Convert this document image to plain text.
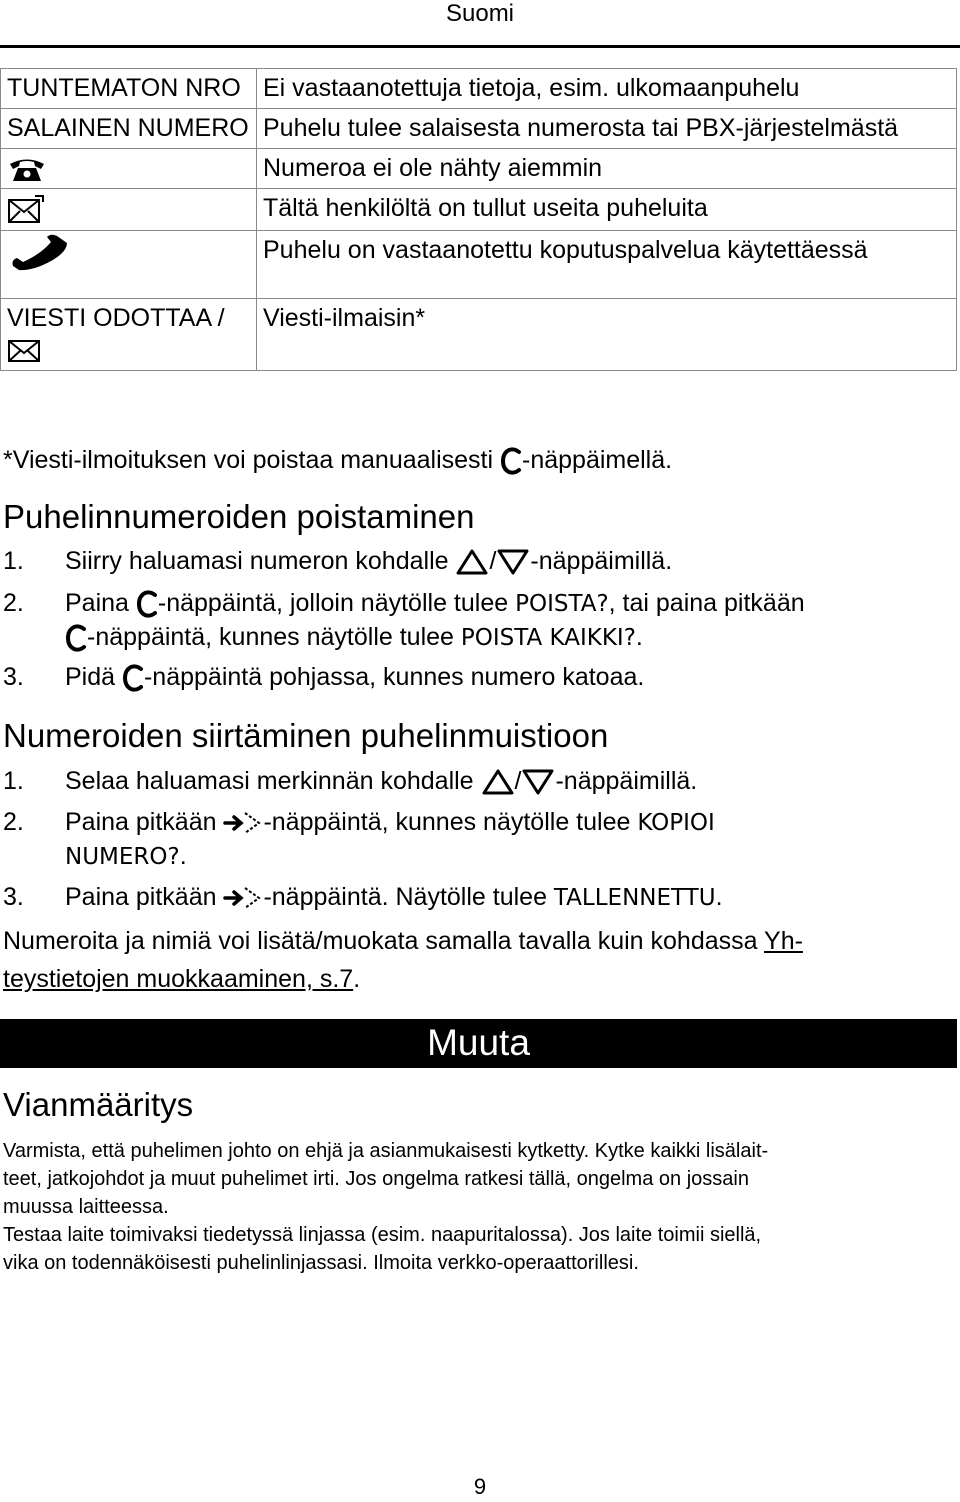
Suomi
TUNTEMATON NRO	Ei vastaanotettuja tietoja, esim. ulkomaanpuhelu
SALAINEN NUMERO	Puhelu tulee salaisesta numerosta tai PBX-järjestelmästä
	Numeroa ei ole nähty aiemmin
	Tältä henkilöltä on tullut useita puheluita
	Puhelu on vastaanotettu koputuspalvelua käytettäessä

VIESTI ODOTTAA /	Viesti-ilmaisin*
*Viesti-ilmoituksen voi poistaa manuaalisesti -näppäimellä.
Puhelinnumeroiden poistaminen
1. Siirry haluamasi numeron kohdalle / -näppäimillä.
2. Paina -näppäintä, jolloin näytölle tulee POISTA?, tai paina pitkään
-näppäintä, kunnes näytölle tulee POISTA KAIKKI?.
3. Pidä -näppäintä pohjassa, kunnes numero katoaa.
Numeroiden siirtäminen puhelinmuistioon
1. Selaa haluamasi merkinnän kohdalle / -näppäimillä.
2. Paina pitkään -näppäintä, kunnes näytölle tulee KOPIOI
NUMERO?.
3. Paina pitkään -näppäintä. Näytölle tulee TALLENNETTU.
Numeroita ja nimiä voi lisätä/muokata samalla tavalla kuin kohdassa Yh-
teystietojen muokkaaminen, s.7.
Muuta
Vianmääritys
Varmista, että puhelimen johto on ehjä ja asianmukaisesti kytketty. Kytke kaikki lisälait-
teet, jatkojohdot ja muut puhelimet irti. Jos ongelma ratkesi tällä, ongelma on jossain
muussa laitteessa.
Testaa laite toimivaksi tiedetyssä linjassa (esim. naapuritalossa). Jos laite toimii siellä,
vika on todennäköisesti puhelinlinjassasi. Ilmoita verkko-operaattorillesi.
9
